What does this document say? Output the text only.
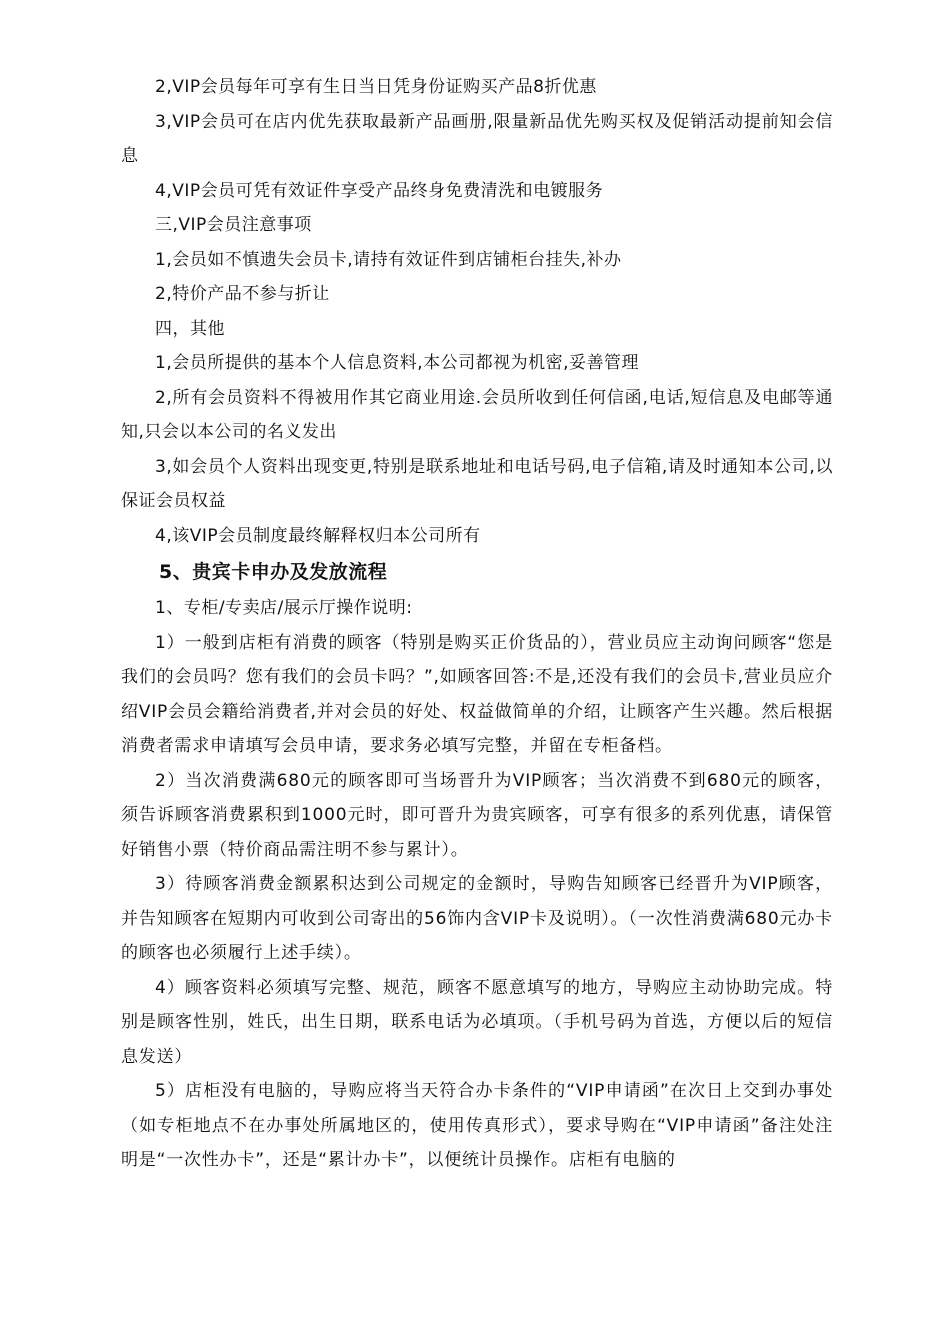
2,VIP会员每年可享有生日当日凭身份证购买产品8折优惠

3,VIP会员可在店内优先获取最新产品画册,限量新品优先购买权及促销活动提前知会信息

4,VIP会员可凭有效证件享受产品终身免费清洗和电镀服务

三,VIP会员注意事项

1,会员如不慎遗失会员卡,请持有效证件到店铺柜台挂失,补办

2,特价产品不参与折让

四，其他

1,会员所提供的基本个人信息资料,本公司都视为机密,妥善管理

2,所有会员资料不得被用作其它商业用途.会员所收到任何信函,电话,短信息及电邮等通知,只会以本公司的名义发出

3,如会员个人资料出现变更,特别是联系地址和电话号码,电子信箱,请及时通知本公司,以保证会员权益

4,该VIP会员制度最终解释权归本公司所有

5、贵宾卡申办及发放流程

1、专柜/专卖店/展示厅操作说明:

1）一般到店柜有消费的顾客（特别是购买正价货品的），营业员应主动询问顾客“您是我们的会员吗？您有我们的会员卡吗？”,如顾客回答:不是,还没有我们的会员卡,营业员应介绍VIP会员会籍给消费者,并对会员的好处、权益做简单的介绍，让顾客产生兴趣。然后根据消费者需求申请填写会员申请，要求务必填写完整，并留在专柜备档。

2）当次消费满680元的顾客即可当场晋升为VIP顾客；当次消费不到680元的顾客，须告诉顾客消费累积到1000元时，即可晋升为贵宾顾客，可享有很多的系列优惠，请保管好销售小票（特价商品需注明不参与累计）。

3）待顾客消费金额累积达到公司规定的金额时，导购告知顾客已经晋升为VIP顾客，并告知顾客在短期内可收到公司寄出的56饰内含VIP卡及说明）。（一次性消费满680元办卡的顾客也必须履行上述手续）。

4）顾客资料必须填写完整、规范，顾客不愿意填写的地方，导购应主动协助完成。特别是顾客性别，姓氏，出生日期，联系电话为必填项。（手机号码为首选，方便以后的短信息发送）

5）店柜没有电脑的，导购应将当天符合办卡条件的“VIP申请函”在次日上交到办事处（如专柜地点不在办事处所属地区的，使用传真形式），要求导购在“VIP申请函”备注处注明是“一次性办卡”，还是“累计办卡”，以便统计员操作。店柜有电脑的
